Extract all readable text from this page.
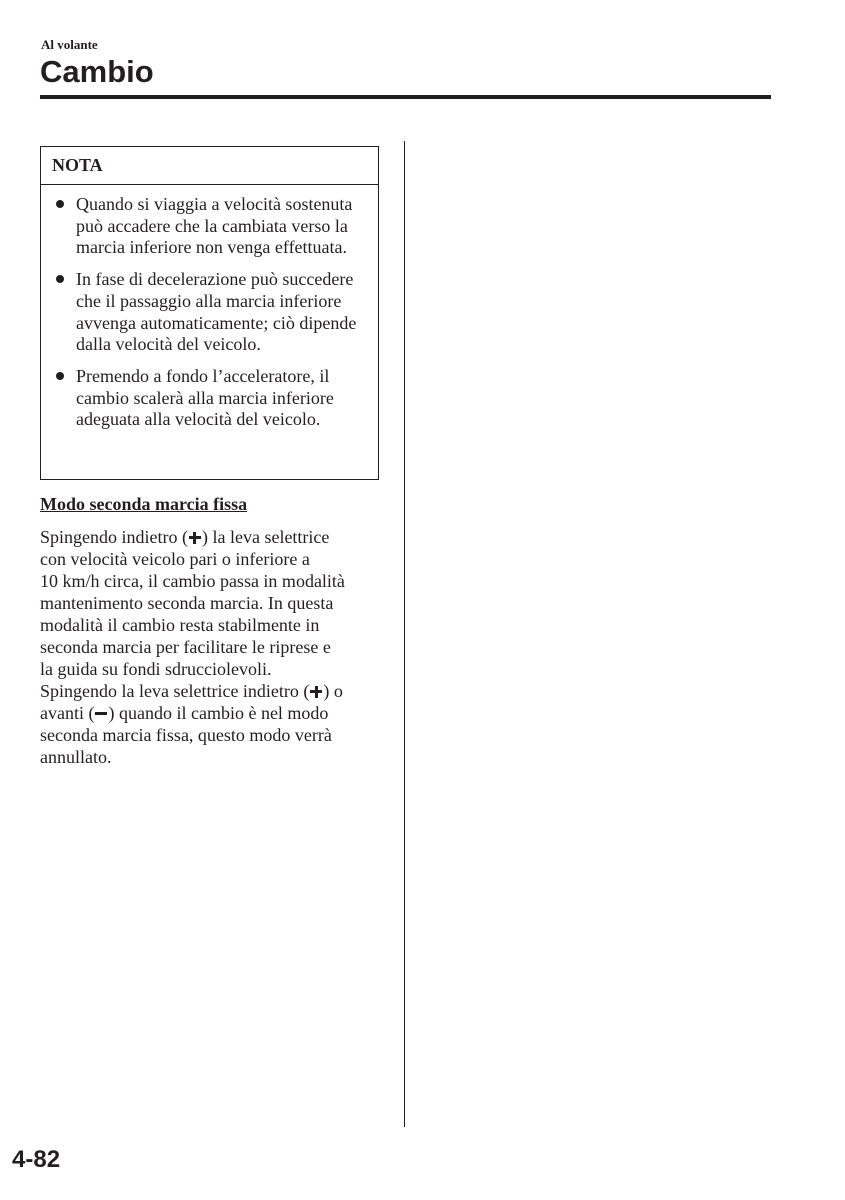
Al volante
Cambio
NOTA
Quando si viaggia a velocità sostenuta può accadere che la cambiata verso la marcia inferiore non venga effettuata.
In fase di decelerazione può succedere che il passaggio alla marcia inferiore avvenga automaticamente; ciò dipende dalla velocità del veicolo.
Premendo a fondo l’acceleratore, il cambio scalerà alla marcia inferiore adeguata alla velocità del veicolo.
Modo seconda marcia fissa
Spingendo indietro ( ) la leva selettrice
con velocità veicolo pari o inferiore a
10 km/h circa, il cambio passa in modalità
mantenimento seconda marcia. In questa
modalità il cambio resta stabilmente in
seconda marcia per facilitare le riprese e
la guida su fondi sdrucciolevoli.
Spingendo la leva selettrice indietro ( ) o
avanti ( ) quando il cambio è nel modo
seconda marcia fissa, questo modo verrà
annullato.
4-82
